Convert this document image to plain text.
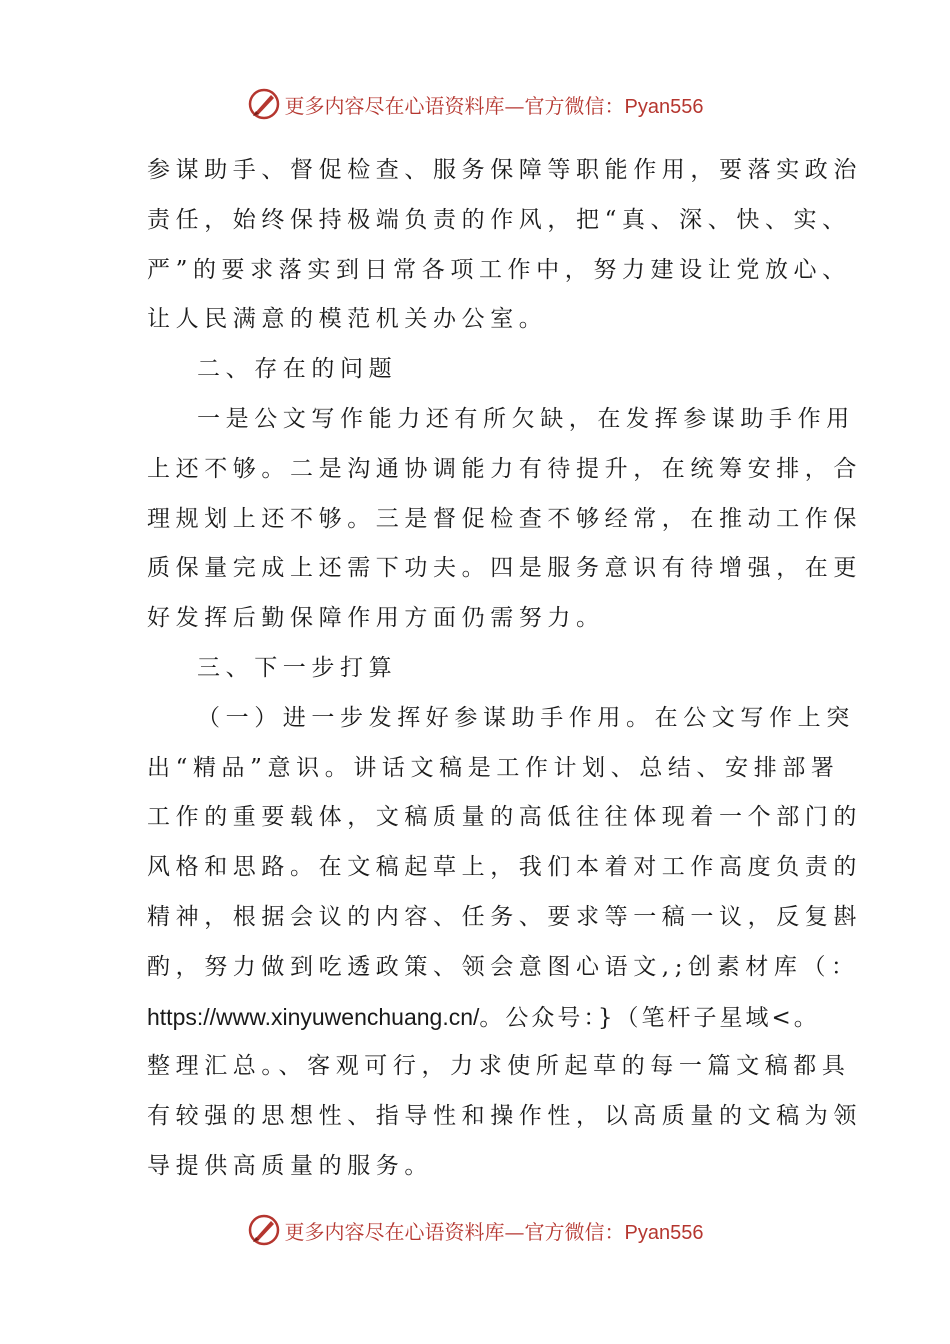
更多内容尽在心语资料库—官方微信：Pyan556
参谋助手、督促检查、服务保障等职能作用，要落实政治
责任，始终保持极端负责的作风，把“真、深、快、实、
严”的要求落实到日常各项工作中，努力建设让党放心、
让人民满意的模范机关办公室。
二、存在的问题
一是公文写作能力还有所欠缺，在发挥参谋助手作用
上还不够。二是沟通协调能力有待提升，在统筹安排，合
理规划上还不够。三是督促检查不够经常，在推动工作保
质保量完成上还需下功夫。四是服务意识有待增强，在更
好发挥后勤保障作用方面仍需努力。
三、下一步打算
（一）进一步发挥好参谋助手作用。在公文写作上突
出“精品”意识。讲话文稿是工作计划、总结、安排部署
工作的重要载体，文稿质量的高低往往体现着一个部门的
风格和思路。在文稿起草上，我们本着对工作高度负责的
精神，根据会议的内容、任务、要求等一稿一议，反复斟
酌，努力做到吃透政策、领会意图心语文,;创素材库（：
https://www.xinyuwenchuang.cn/。公众号：}（笔杆子星域<。
整理汇总。、客观可行，力求使所起草的每一篇文稿都具
有较强的思想性、指导性和操作性，以高质量的文稿为领
导提供高质量的服务。
更多内容尽在心语资料库—官方微信：Pyan556
